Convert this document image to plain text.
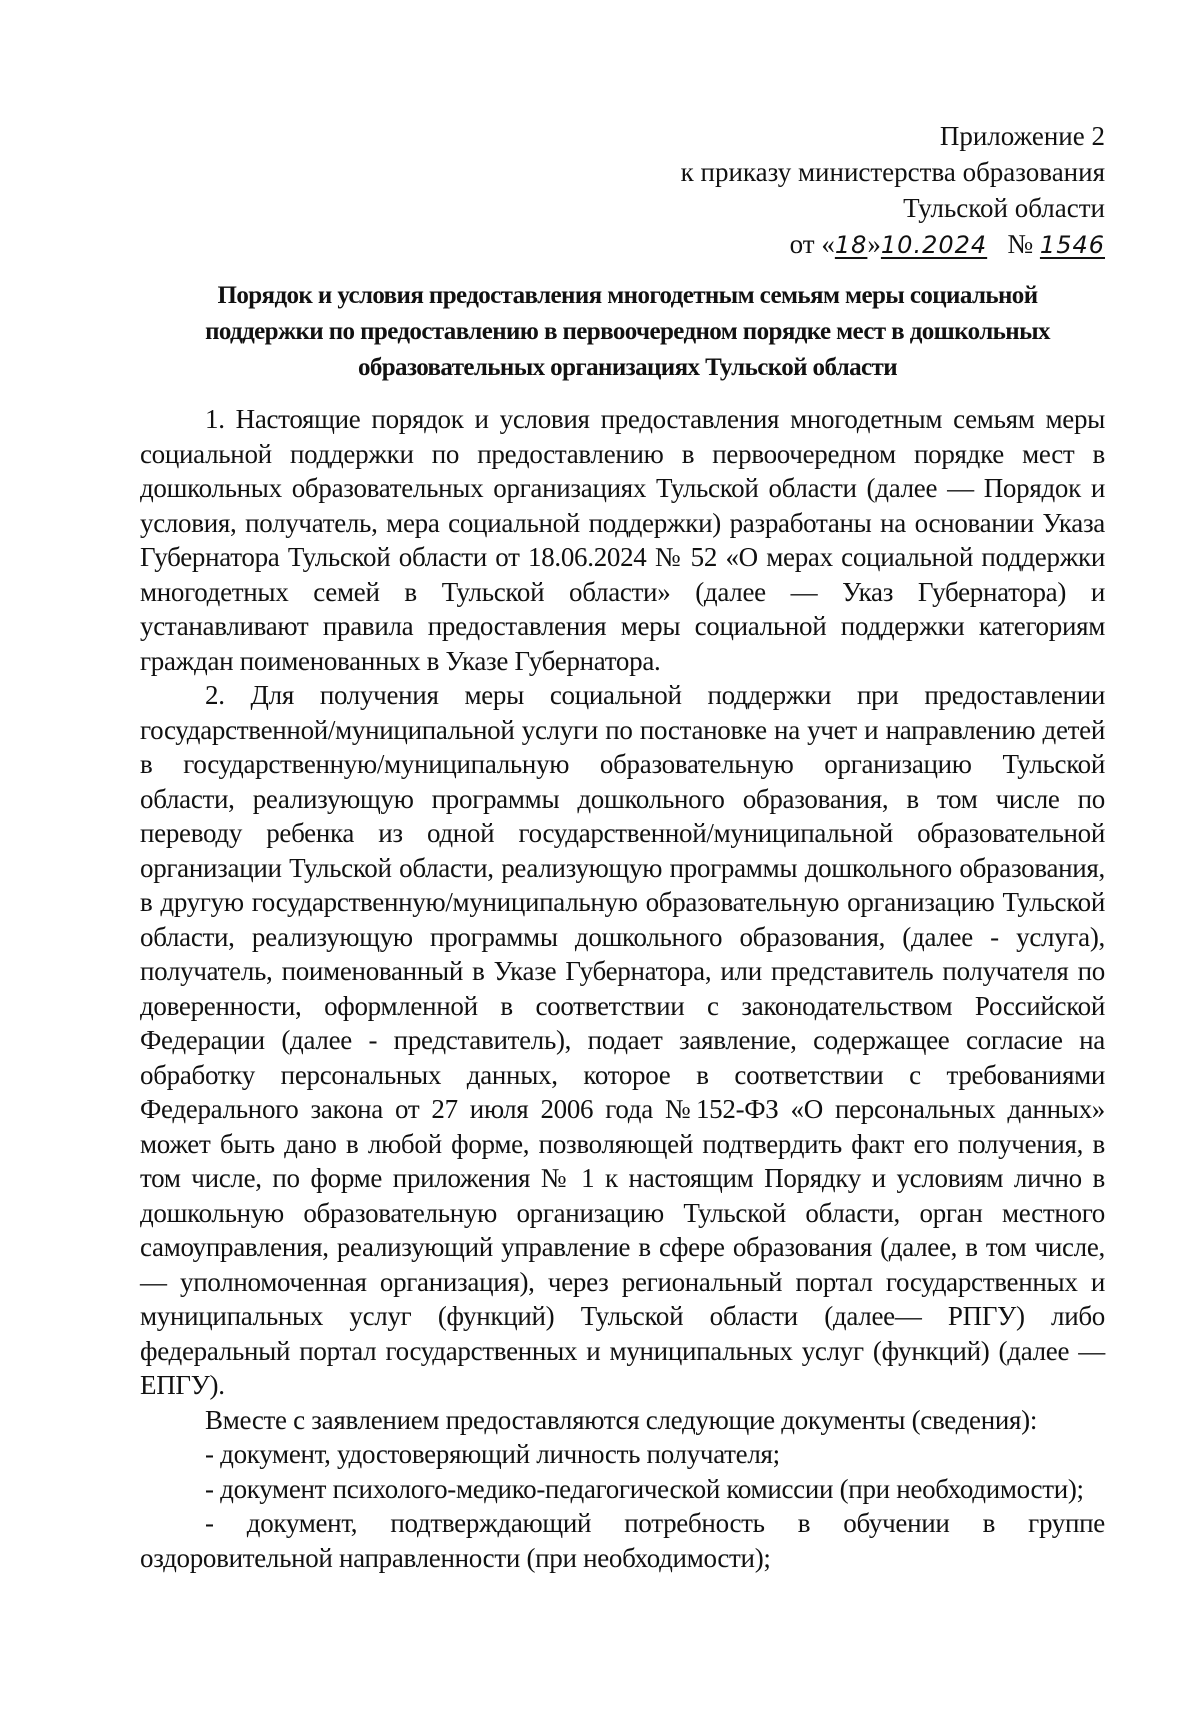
Приложение 2
к приказу министерства образования
Тульской области
от «18»10.2024 № 1546
Порядок и условия предоставления многодетным семьям меры социальной
поддержки по предоставлению в первоочередном порядке мест в дошкольных
образовательных организациях Тульской области

1. Настоящие порядок и условия предоставления многодетным семьям меры социальной поддержки по предоставлению в первоочередном порядке мест в дошкольных образовательных организациях Тульской области (далее — Порядок и условия, получатель, мера социальной поддержки) разработаны на основании Указа Губернатора Тульской области от 18.06.2024 № 52 «О мерах социальной поддержки многодетных семей в Тульской области» (далее — Указ Губернатора) и устанавливают правила предоставления меры социальной поддержки категориям граждан поименованных в Указе Губернатора.

2. Для получения меры социальной поддержки при предоставлении государственной/муниципальной услуги по постановке на учет и направлению детей в государственную/муниципальную образовательную организацию Тульской области, реализующую программы дошкольного образования, в том числе по переводу ребенка из одной государственной/муниципальной образовательной организации Тульской области, реализующую программы дошкольного образования, в другую государственную/муниципальную образовательную организацию Тульской области, реализующую программы дошкольного образования, (далее - услуга), получатель, поименованный в Указе Губернатора, или представитель получателя по доверенности, оформленной в соответствии с законодательством Российской Федерации (далее - представитель), подает заявление, содержащее согласие на обработку персональных данных, которое в соответствии с требованиями Федерального закона от 27 июля 2006 года №152-ФЗ «О персональных данных» может быть дано в любой форме, позволяющей подтвердить факт его получения, в том числе, по форме приложения № 1 к настоящим Порядку и условиям лично в дошкольную образовательную организацию Тульской области, орган местного самоуправления, реализующий управление в сфере образования (далее, в том числе, — уполномоченная организация), через региональный портал государственных и муниципальных услуг (функций) Тульской области (далее— РПГУ) либо федеральный портал государственных и муниципальных услуг (функций) (далее — ЕПГУ).

Вместе с заявлением предоставляются следующие документы (сведения):

- документ, удостоверяющий личность получателя;

- документ психолого-медико-педагогической комиссии (при необходимости);

- документ, подтверждающий потребность в обучении в группе оздоровительной направленности (при необходимости);
